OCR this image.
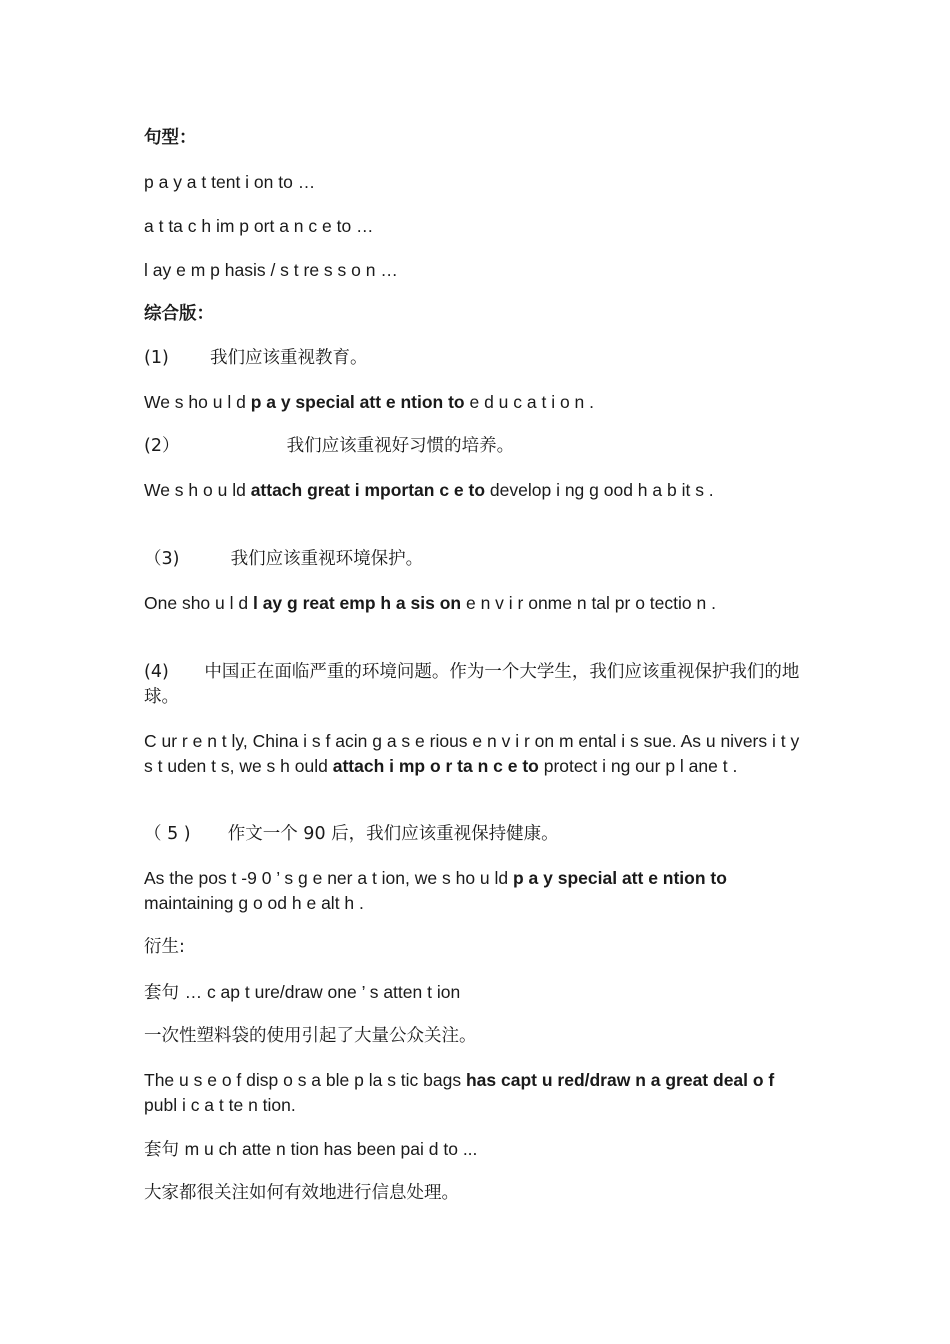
句型：

p a y a t tent i on to …

a t ta c h im p ort a n c e to …

l ay e m p hasis / s t re s s o n …

综合版：

(1) 我们应该重视教育。

We s ho u l d p a y special att e ntion to e d u c a t i o n .

(2）	我们应该重视好习惯的培养。

We s h o u ld attach great i mportan c e to develop i ng g ood h a b it s .

（3)	我们应该重视环境保护。

One sho u l d l ay g reat emp h a sis on e n v i r onme n tal pr o tectio n .

(4) 中国正在面临严重的环境问题。作为一个大学生，我们应该重视保护我们的地球。

C ur r e n t ly, China i s f acin g a s e rious e n v i r on m ental i s sue. As u nivers i t y s t uden t s, we s h ould attach i mp o r ta n c e to protect i ng our p l ane t .

（ 5 ) 作文一个 90 后，我们应该重视保持健康。

As the pos t -9 0 ’ s g e ner a t ion, we s ho u ld p a y special att e ntion to maintaining g o od h e alt h .

衍生:

套句 … c ap t ure/draw one ’ s atten t ion

一次性塑料袋的使用引起了大量公众关注。

The u s e o f disp o s a ble p la s tic bags has capt u red/draw n a great deal o f publ i c a t te n tion.

套句 m u ch atte n tion has been pai d to ...

大家都很关注如何有效地进行信息处理。
